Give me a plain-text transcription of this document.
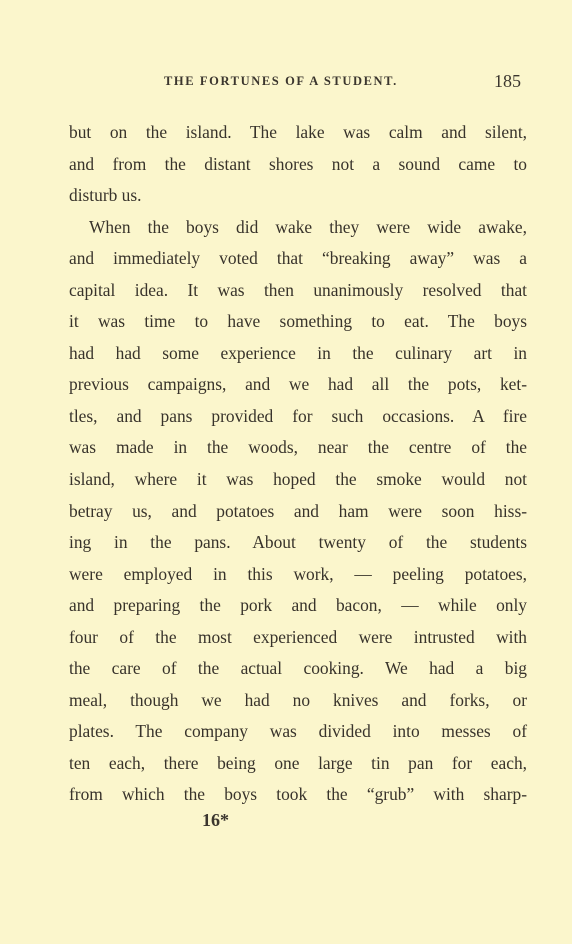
THE FORTUNES OF A STUDENT.	185
but on the island. The lake was calm and silent,
and from the distant shores not a sound came to
disturb us.
When the boys did wake they were wide awake,
and immediately voted that “breaking away” was a
capital idea. It was then unanimously resolved that
it was time to have something to eat. The boys
had had some experience in the culinary art in
previous campaigns, and we had all the pots, ket-
tles, and pans provided for such occasions. A fire
was made in the woods, near the centre of the
island, where it was hoped the smoke would not
betray us, and potatoes and ham were soon hiss-
ing in the pans. About twenty of the students
were employed in this work, — peeling potatoes,
and preparing the pork and bacon, — while only
four of the most experienced were intrusted with
the care of the actual cooking. We had a big
meal, though we had no knives and forks, or
plates. The company was divided into messes of
ten each, there being one large tin pan for each,
from which the boys took the “grub” with sharp-
16*
